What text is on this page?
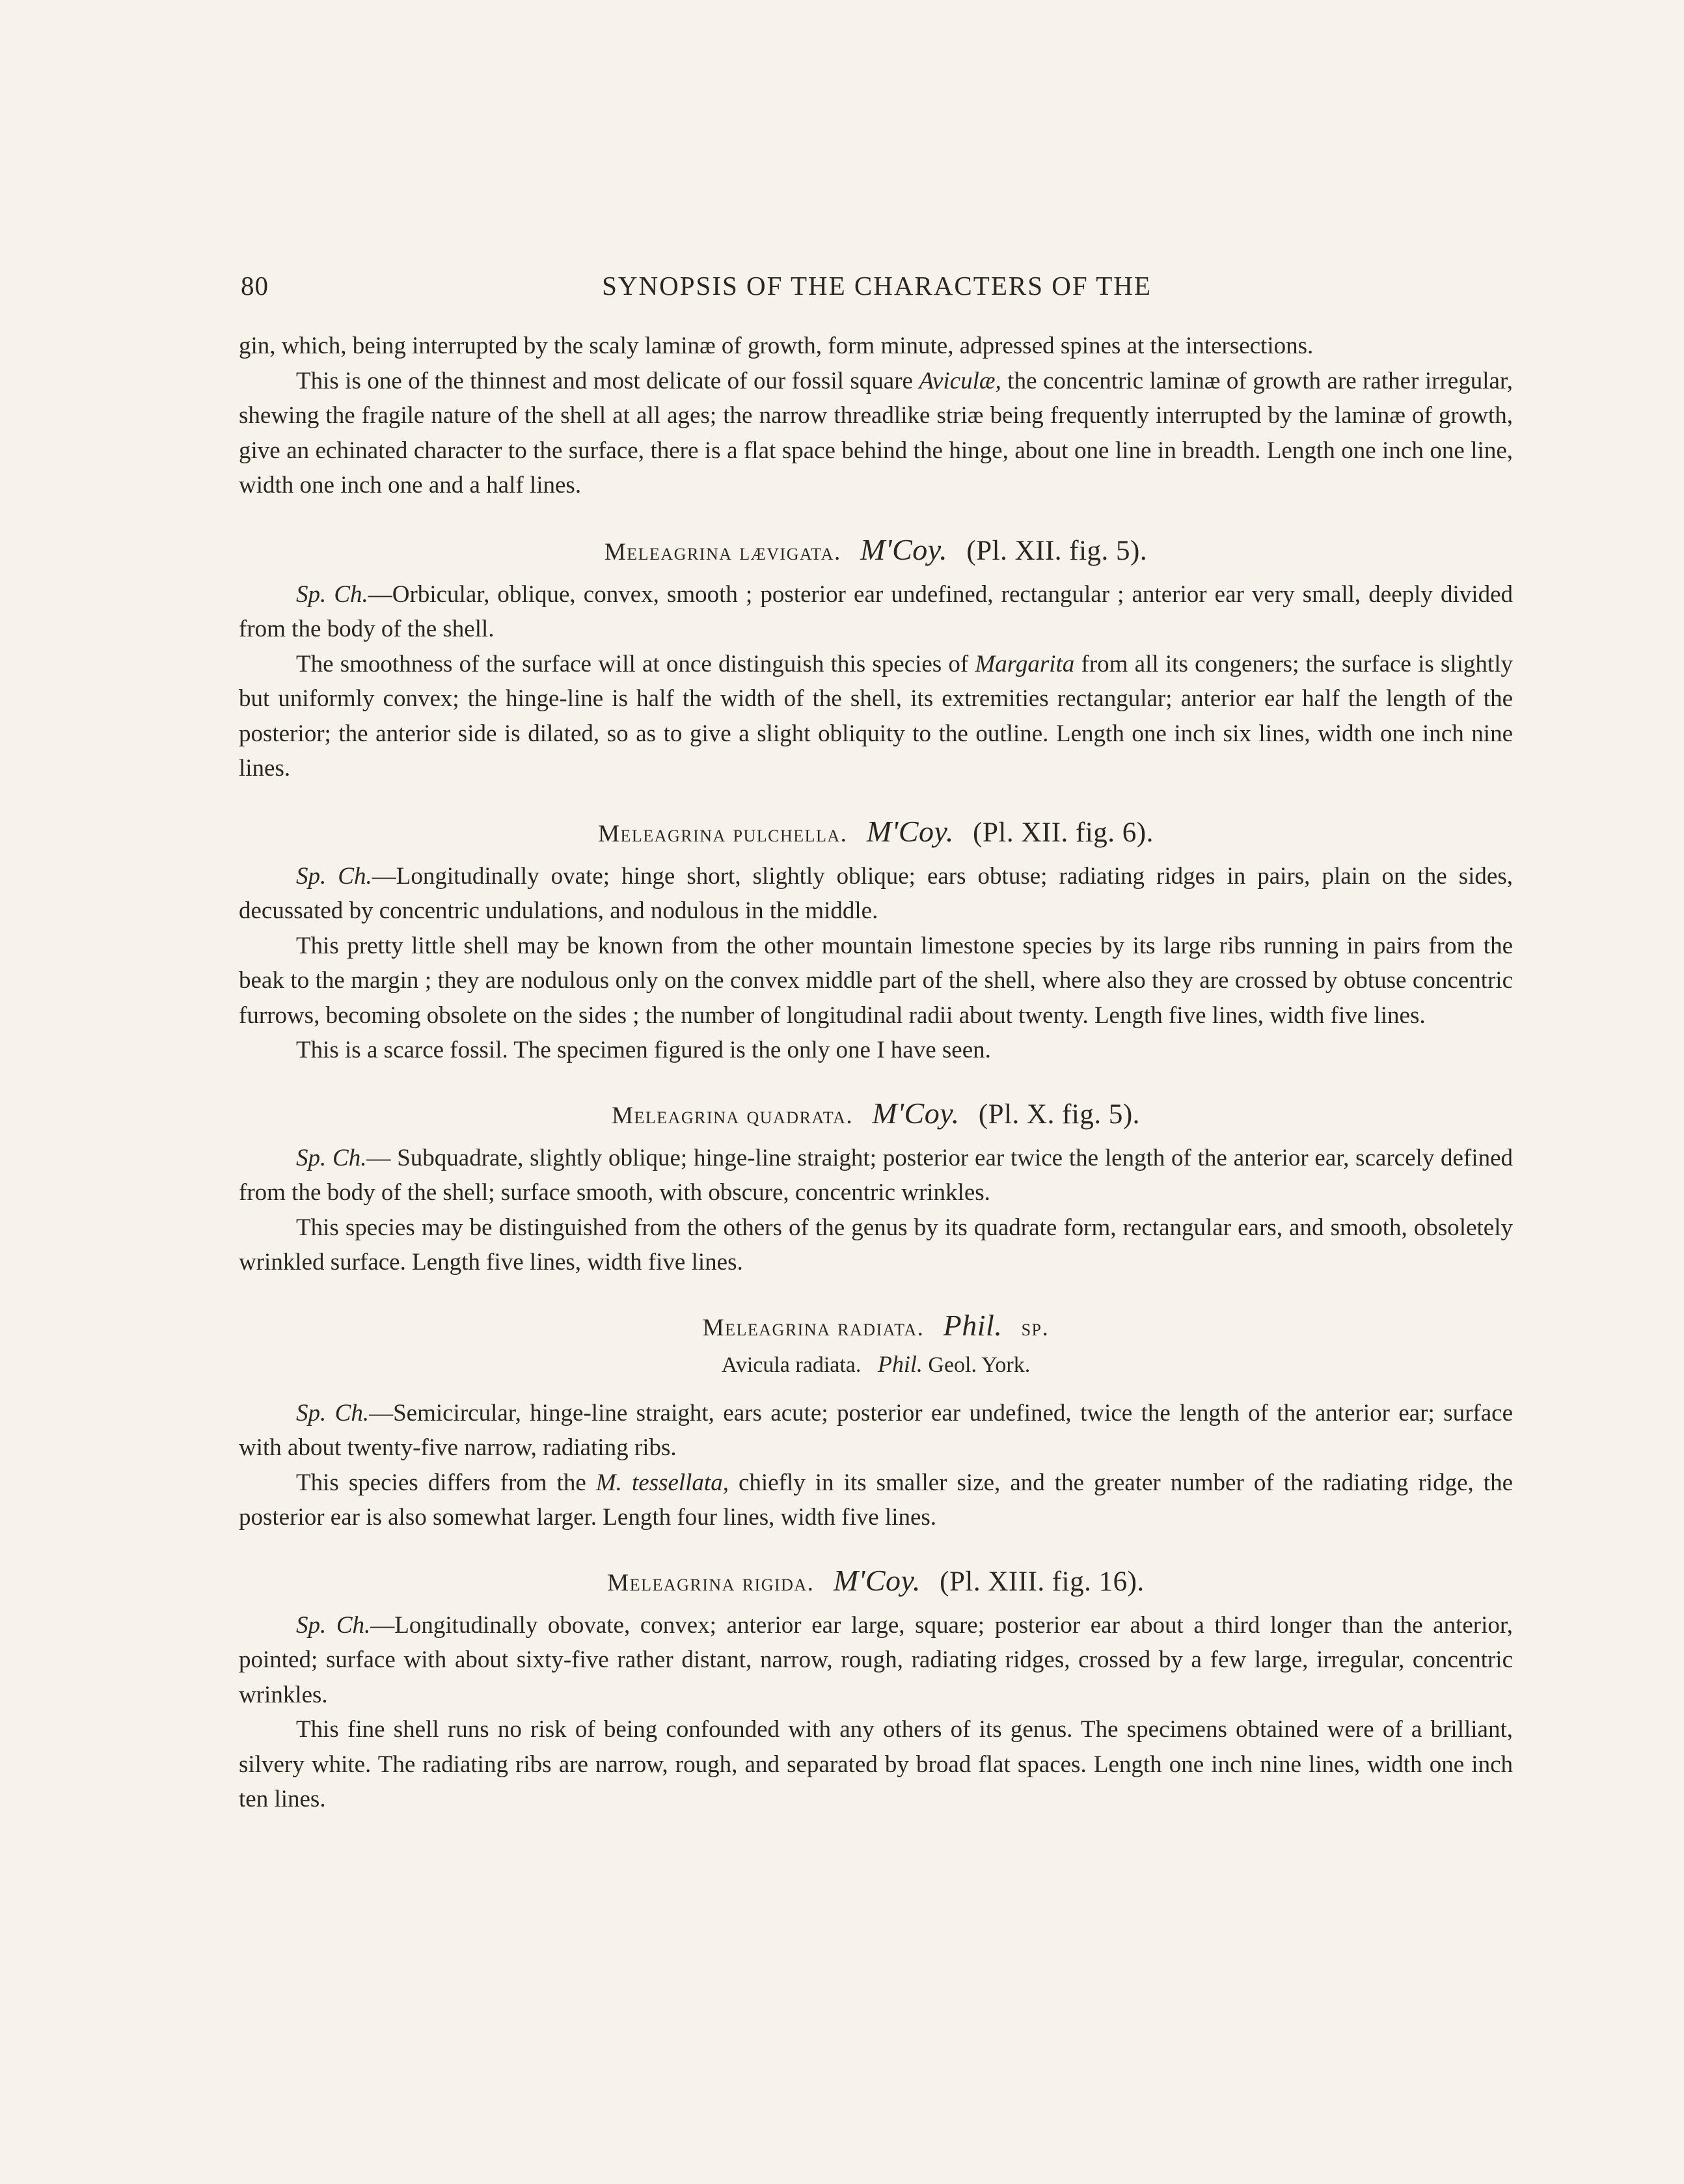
80	SYNOPSIS OF THE CHARACTERS OF THE

gin, which, being interrupted by the scaly laminæ of growth, form minute, adpressed spines at the intersections.

This is one of the thinnest and most delicate of our fossil square Aviculæ, the concentric laminæ of growth are rather irregular, shewing the fragile nature of the shell at all ages; the narrow threadlike striæ being frequently interrupted by the laminæ of growth, give an echinated character to the surface, there is a flat space behind the hinge, about one line in breadth. Length one inch one line, width one inch one and a half lines.

Meleagrina lævigata. M'Coy. (Pl. XII. fig. 5).

Sp. Ch.—Orbicular, oblique, convex, smooth ; posterior ear undefined, rectangular ; anterior ear very small, deeply divided from the body of the shell.

The smoothness of the surface will at once distinguish this species of Margarita from all its congeners; the surface is slightly but uniformly convex; the hinge-line is half the width of the shell, its extremities rectangular; anterior ear half the length of the posterior; the anterior side is dilated, so as to give a slight obliquity to the outline. Length one inch six lines, width one inch nine lines.

Meleagrina pulchella. M'Coy. (Pl. XII. fig. 6).

Sp. Ch.—Longitudinally ovate; hinge short, slightly oblique; ears obtuse; radiating ridges in pairs, plain on the sides, decussated by concentric undulations, and nodulous in the middle.

This pretty little shell may be known from the other mountain limestone species by its large ribs running in pairs from the beak to the margin ; they are nodulous only on the convex middle part of the shell, where also they are crossed by obtuse concentric furrows, becoming obsolete on the sides ; the number of longitudinal radii about twenty. Length five lines, width five lines.

This is a scarce fossil. The specimen figured is the only one I have seen.

Meleagrina quadrata. M'Coy. (Pl. X. fig. 5).

Sp. Ch.— Subquadrate, slightly oblique; hinge-line straight; posterior ear twice the length of the anterior ear, scarcely defined from the body of the shell; surface smooth, with obscure, concentric wrinkles.

This species may be distinguished from the others of the genus by its quadrate form, rectangular ears, and smooth, obsoletely wrinkled surface. Length five lines, width five lines.

Meleagrina radiata. Phil. sp.
Avicula radiata. Phil. Geol. York.

Sp. Ch.—Semicircular, hinge-line straight, ears acute; posterior ear undefined, twice the length of the anterior ear; surface with about twenty-five narrow, radiating ribs.

This species differs from the M. tessellata, chiefly in its smaller size, and the greater number of the radiating ridge, the posterior ear is also somewhat larger. Length four lines, width five lines.

Meleagrina rigida. M'Coy. (Pl. XIII. fig. 16).

Sp. Ch.—Longitudinally obovate, convex; anterior ear large, square; posterior ear about a third longer than the anterior, pointed; surface with about sixty-five rather distant, narrow, rough, radiating ridges, crossed by a few large, irregular, concentric wrinkles.

This fine shell runs no risk of being confounded with any others of its genus. The specimens obtained were of a brilliant, silvery white. The radiating ribs are narrow, rough, and separated by broad flat spaces. Length one inch nine lines, width one inch ten lines.
